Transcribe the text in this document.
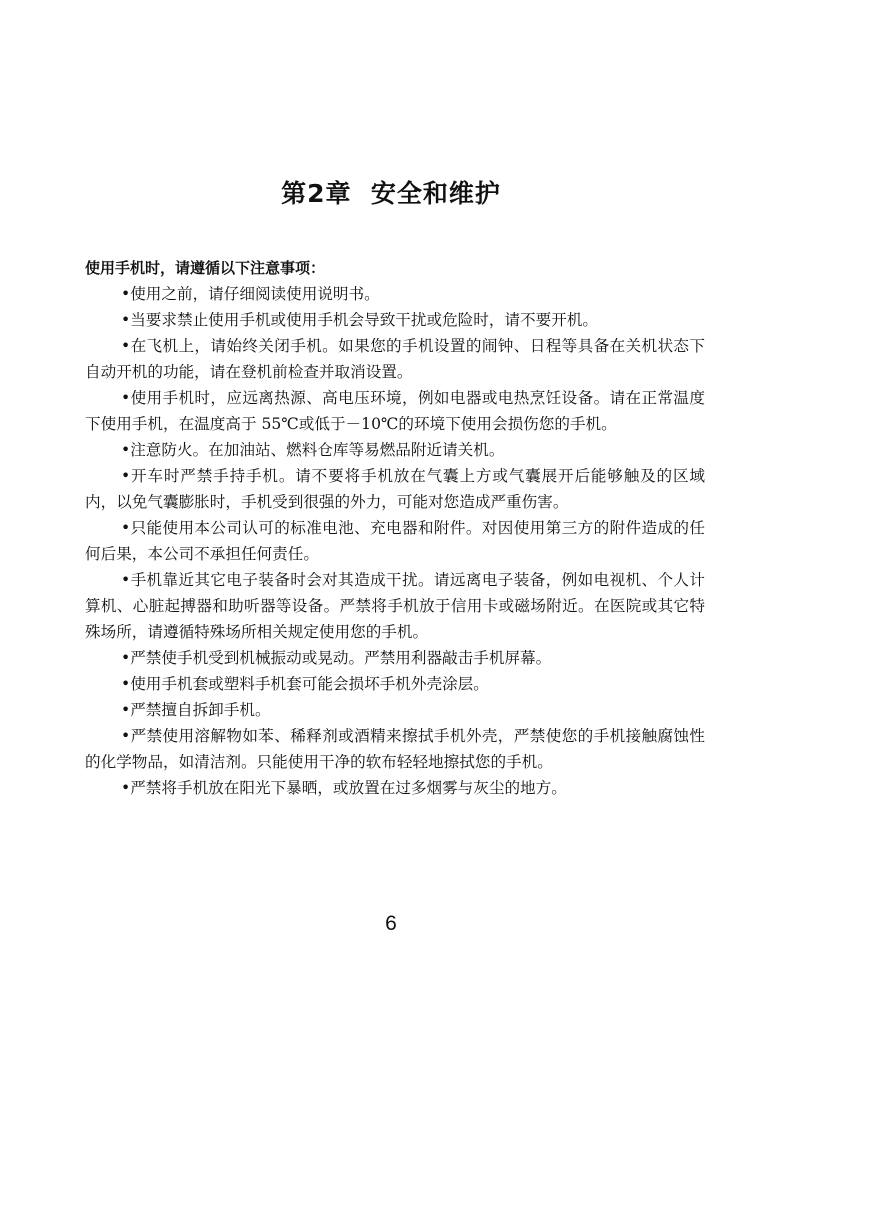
第2章  安全和维护

使用手机时，请遵循以下注意事项：

•使用之前，请仔细阅读使用说明书。
•当要求禁止使用手机或使用手机会导致干扰或危险时，请不要开机。
•在飞机上，请始终关闭手机。如果您的手机设置的闹钟、日程等具备在关机状态下自动开机的功能，请在登机前检查并取消设置。
•使用手机时，应远离热源、高电压环境，例如电器或电热烹饪设备。请在正常温度下使用手机，在温度高于 55℃或低于－10℃的环境下使用会损伤您的手机。
•注意防火。在加油站、燃料仓库等易燃品附近请关机。
•开车时严禁手持手机。请不要将手机放在气囊上方或气囊展开后能够触及的区域内，以免气囊膨胀时，手机受到很强的外力，可能对您造成严重伤害。
•只能使用本公司认可的标准电池、充电器和附件。对因使用第三方的附件造成的任何后果，本公司不承担任何责任。
•手机靠近其它电子装备时会对其造成干扰。请远离电子装备，例如电视机、个人计算机、心脏起搏器和助听器等设备。严禁将手机放于信用卡或磁场附近。在医院或其它特殊场所，请遵循特殊场所相关规定使用您的手机。
•严禁使手机受到机械振动或晃动。严禁用利器敲击手机屏幕。
•使用手机套或塑料手机套可能会损坏手机外壳涂层。
•严禁擅自拆卸手机。
•严禁使用溶解物如苯、稀释剂或酒精来擦拭手机外壳，严禁使您的手机接触腐蚀性的化学物品，如清洁剂。只能使用干净的软布轻轻地擦拭您的手机。
•严禁将手机放在阳光下暴晒，或放置在过多烟雾与灰尘的地方。

6
